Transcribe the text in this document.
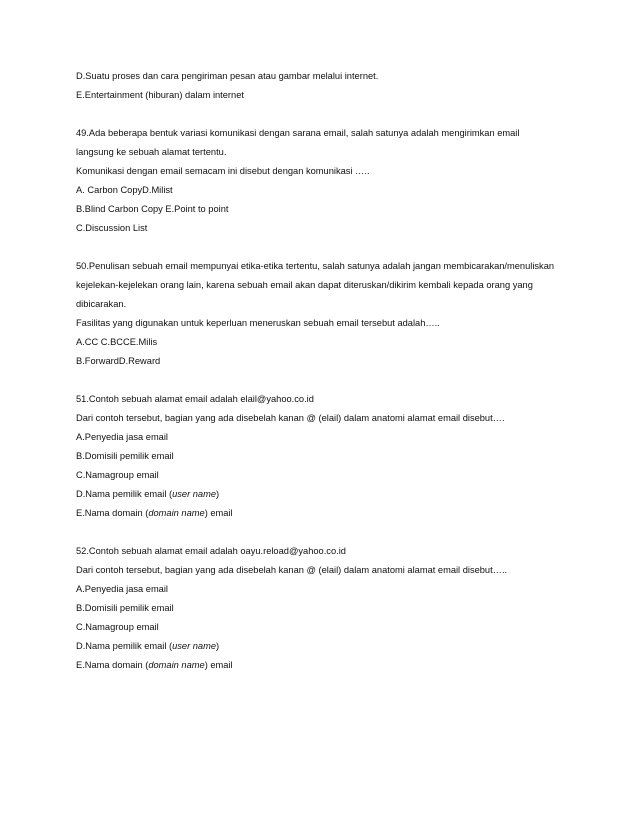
D.Suatu proses dan cara pengiriman pesan atau gambar melalui internet.
E.Entertainment (hiburan) dalam internet
49.Ada beberapa bentuk variasi komunikasi dengan sarana email, salah satunya adalah mengirimkan email
langsung ke sebuah alamat tertentu.
Komunikasi dengan email semacam ini disebut dengan komunikasi …..
A. Carbon CopyD.Milist
B.Blind Carbon Copy E.Point to point
C.Discussion List
50.Penulisan sebuah email mempunyai etika-etika tertentu, salah satunya adalah jangan membicarakan/menuliskan
kejelekan-kejelekan orang lain, karena sebuah email akan dapat diteruskan/dikirim kembali kepada orang yang
dibicarakan.
Fasilitas yang digunakan untuk keperluan meneruskan sebuah email tersebut adalah…..
A.CC C.BCCE.Milis
B.ForwardD.Reward
51.Contoh sebuah alamat email adalah elail@yahoo.co.id
Dari contoh tersebut, bagian yang ada disebelah kanan @ (elail) dalam anatomi alamat email disebut….
A.Penyedia jasa email
B.Domisili pemilik email
C.Namagroup email
D.Nama pemilik email (user name)
E.Nama domain (domain name) email
52.Contoh sebuah alamat email adalah oayu.reload@yahoo.co.id
Dari contoh tersebut, bagian yang ada disebelah kanan @ (elail) dalam anatomi alamat email disebut…..
A.Penyedia jasa email
B.Domisili pemilik email
C.Namagroup email
D.Nama pemilik email (user name)
E.Nama domain (domain name) email
